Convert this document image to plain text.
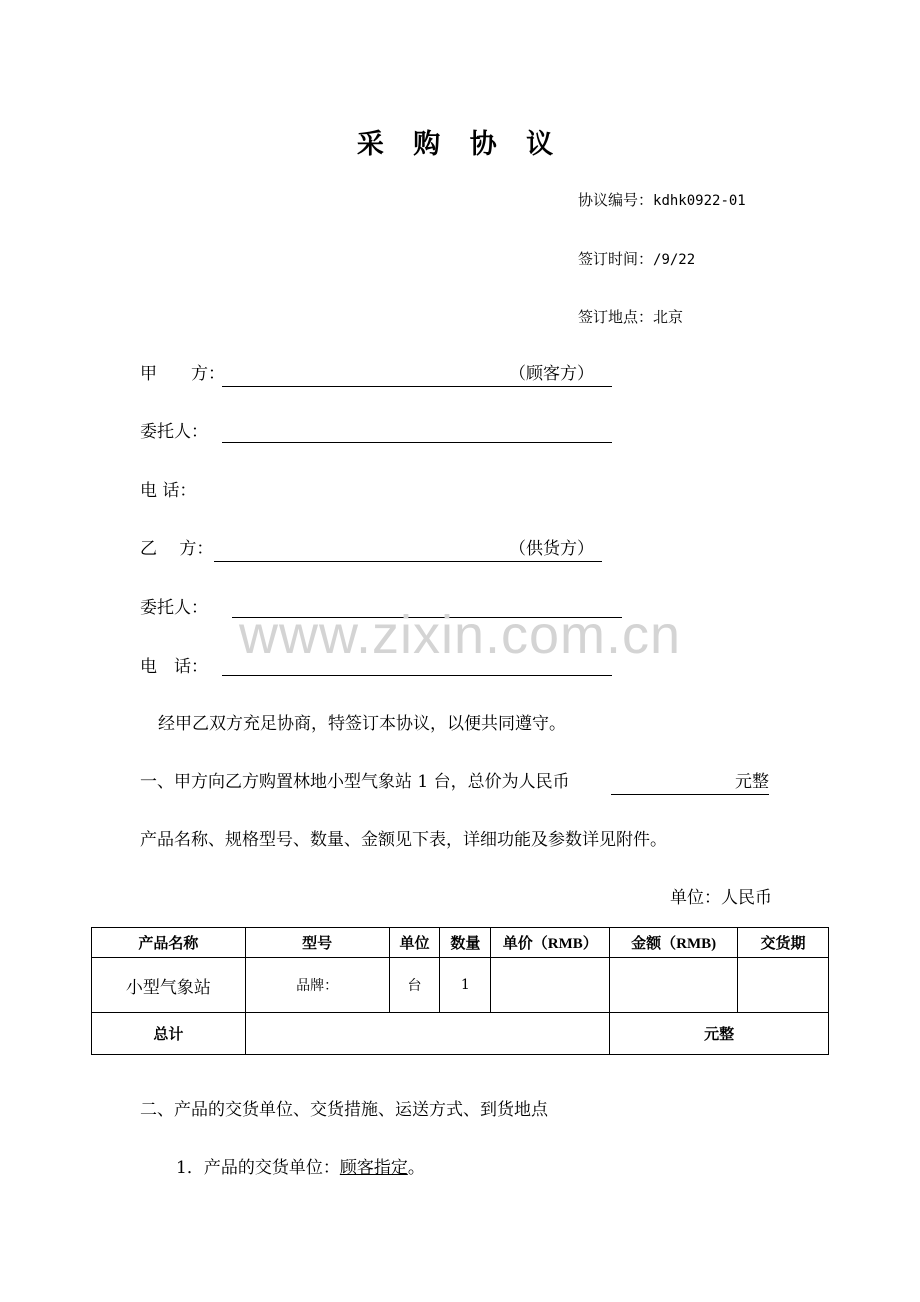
采 购 协 议
协议编号：kdhk0922-01
签订时间：/9/22
签订地点：北京
甲　　方：	（顾客方）
委托人：
电 话：
乙　 方：	（供货方）
委托人：
电　话：
经甲乙双方充足协商，特签订本协议，以便共同遵守。
一、甲方向乙方购置林地小型气象站 1 台，总价为人民币	元整
产品名称、规格型号、数量、金额见下表，详细功能及参数详见附件。
单位：人民币
产品名称	型号	单位	数量	单价（RMB）	金额（RMB)	交货期
小型气象站	品牌：	台	1			
总计					元整	
二、产品的交货单位、交货措施、运送方式、到货地点
1．产品的交货单位：顾客指定。
www.zixin.com.cn
